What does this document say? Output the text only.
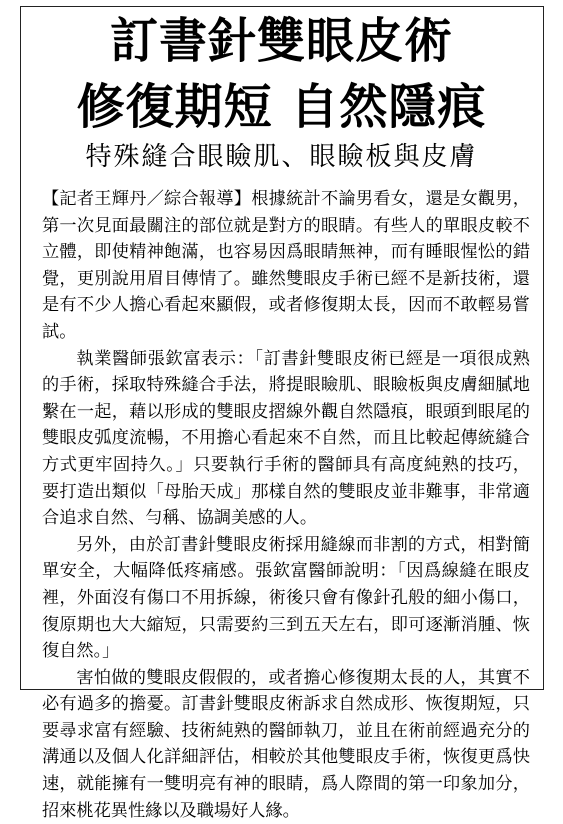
訂書針雙眼皮術
修復期短 自然隱痕
特殊縫合眼瞼肌、眼瞼板與皮膚

【記者王輝丹／綜合報導】根據統計不論男看女，還是女觀男，第一次見面最關注的部位就是對方的眼睛。有些人的單眼皮較不立體，即使精神飽滿，也容易因爲眼睛無神，而有睡眼惺忪的錯覺，更別說用眉目傳情了。雖然雙眼皮手術已經不是新技術，還是有不少人擔心看起來顯假，或者修復期太長，因而不敢輕易嘗試。

執業醫師張欽富表示：「訂書針雙眼皮術已經是一項很成熟的手術，採取特殊縫合手法，將提眼瞼肌、眼瞼板與皮膚細膩地繫在一起，藉以形成的雙眼皮摺線外觀自然隱痕，眼頭到眼尾的雙眼皮弧度流暢，不用擔心看起來不自然，而且比較起傳統縫合方式更牢固持久。」只要執行手術的醫師具有高度純熟的技巧，要打造出類似「母胎天成」那樣自然的雙眼皮並非難事，非常適合追求自然、勻稱、協調美感的人。

另外，由於訂書針雙眼皮術採用縫線而非割的方式，相對簡單安全，大幅降低疼痛感。張欽富醫師說明：「因爲線縫在眼皮裡，外面沒有傷口不用拆線，術後只會有像針孔般的細小傷口，復原期也大大縮短，只需要約三到五天左右，即可逐漸消腫、恢復自然。」

害怕做的雙眼皮假假的，或者擔心修復期太長的人，其實不必有過多的擔憂。訂書針雙眼皮術訴求自然成形、恢復期短，只要尋求富有經驗、技術純熟的醫師執刀，並且在術前經過充分的溝通以及個人化詳細評估，相較於其他雙眼皮手術，恢復更爲快速，就能擁有一雙明亮有神的眼睛，爲人際間的第一印象加分，招來桃花異性緣以及職場好人緣。
